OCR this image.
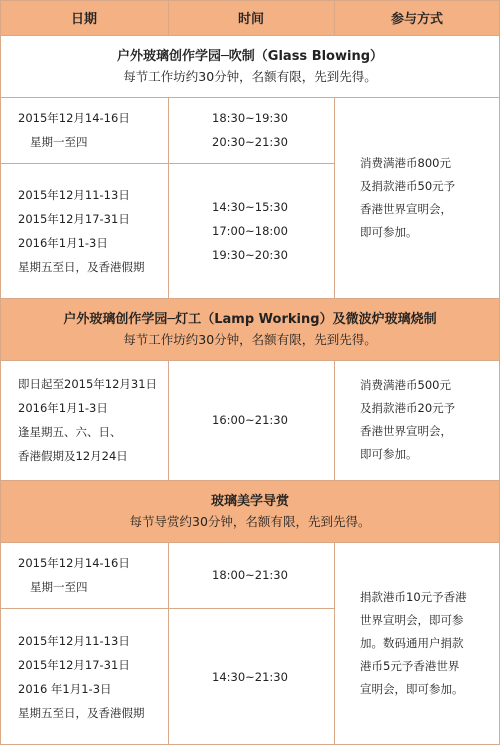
日期	时间	参与方式
户外玻璃创作学园─吹制（Glass Blowing）
每节工作坊约30分钟，名额有限，先到先得。
2015年12月14-16日
星期一至四
18:30~19:30
20:30~21:30
2015年12月11-13日
2015年12月17-31日
2016年1月1-3日
星期五至日，及香港假期
14:30~15:30
17:00~18:00
19:30~20:30
消费满港币800元
及捐款港币50元予
香港世界宣明会，
即可参加。
户外玻璃创作学园─灯工（Lamp Working）及微波炉玻璃烧制
每节工作坊约30分钟，名额有限，先到先得。
即日起至2015年12月31日
2016年1月1-3日
逢星期五、六、日、
香港假期及12月24日
16:00~21:30
消费满港币500元
及捐款港币20元予
香港世界宣明会，
即可参加。
玻璃美学导赏
每节导赏约30分钟，名额有限，先到先得。
2015年12月14-16日
星期一至四
18:00~21:30
2015年12月11-13日
2015年12月17-31日
2016 年1月1-3日
星期五至日，及香港假期
14:30~21:30
捐款港币10元予香港
世界宣明会，即可参
加。数码通用户捐款
港币5元予香港世界
宣明会，即可参加。
